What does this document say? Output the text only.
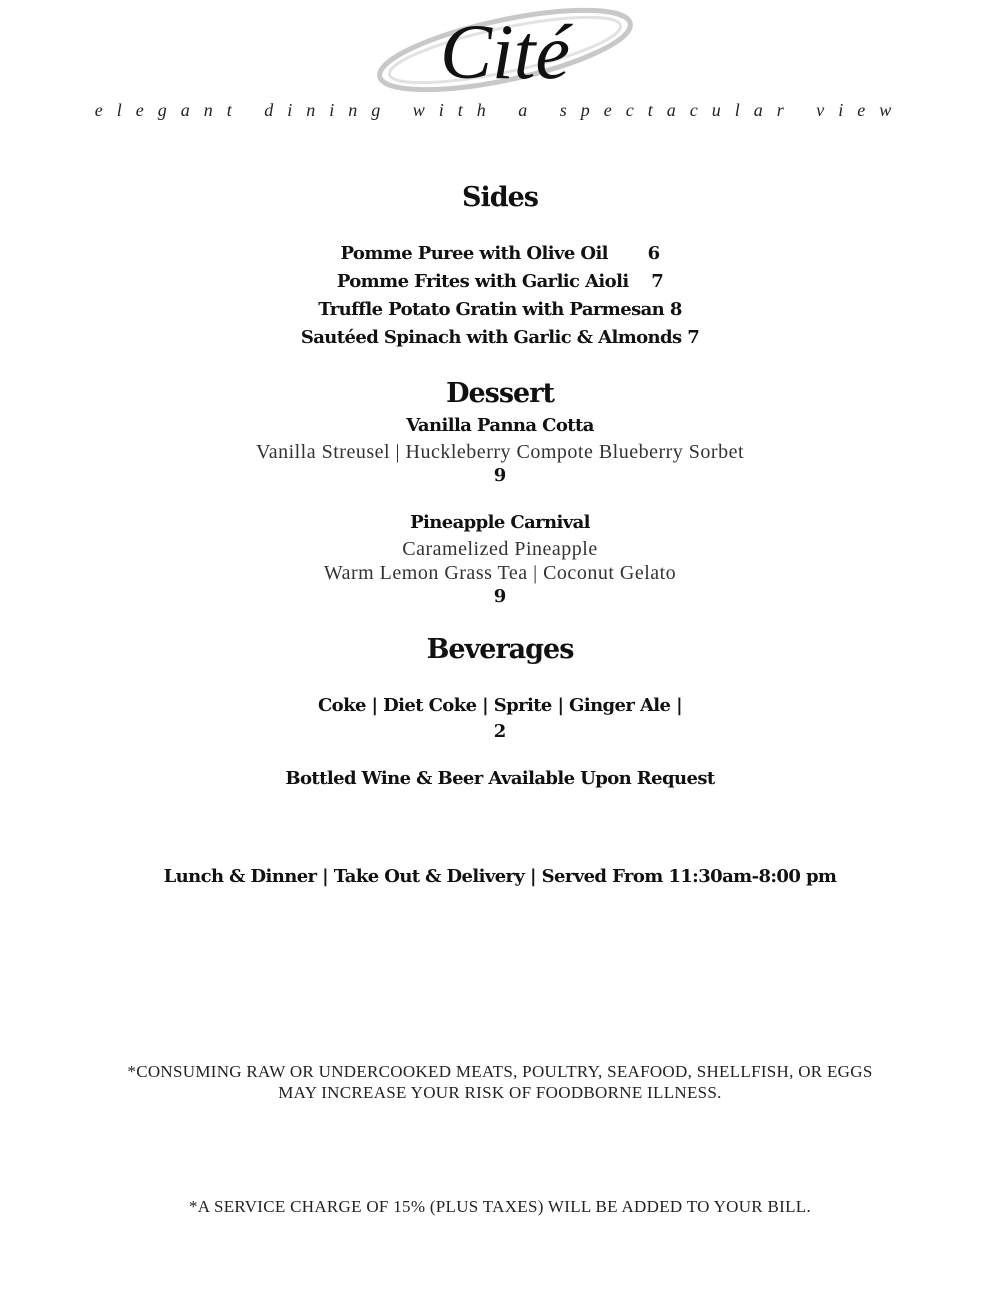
Cité
elegant dining with a spectacular view
Sides
Pomme Puree with Olive Oil       6
Pomme Frites with Garlic Aioli    7
Truffle Potato Gratin with Parmesan 8
Sautéed Spinach with Garlic & Almonds 7
Dessert
Vanilla Panna Cotta
Vanilla Streusel | Huckleberry Compote Blueberry Sorbet
9
Pineapple Carnival
Caramelized Pineapple
Warm Lemon Grass Tea | Coconut Gelato
9
Beverages
Coke | Diet Coke | Sprite | Ginger Ale |
2
Bottled Wine & Beer Available Upon Request
Lunch & Dinner | Take Out & Delivery | Served From 11:30am-8:00 pm
*CONSUMING RAW OR UNDERCOOKED MEATS, POULTRY, SEAFOOD, SHELLFISH, OR EGGS
MAY INCREASE YOUR RISK OF FOODBORNE ILLNESS.
*A SERVICE CHARGE OF 15% (PLUS TAXES) WILL BE ADDED TO YOUR BILL.
